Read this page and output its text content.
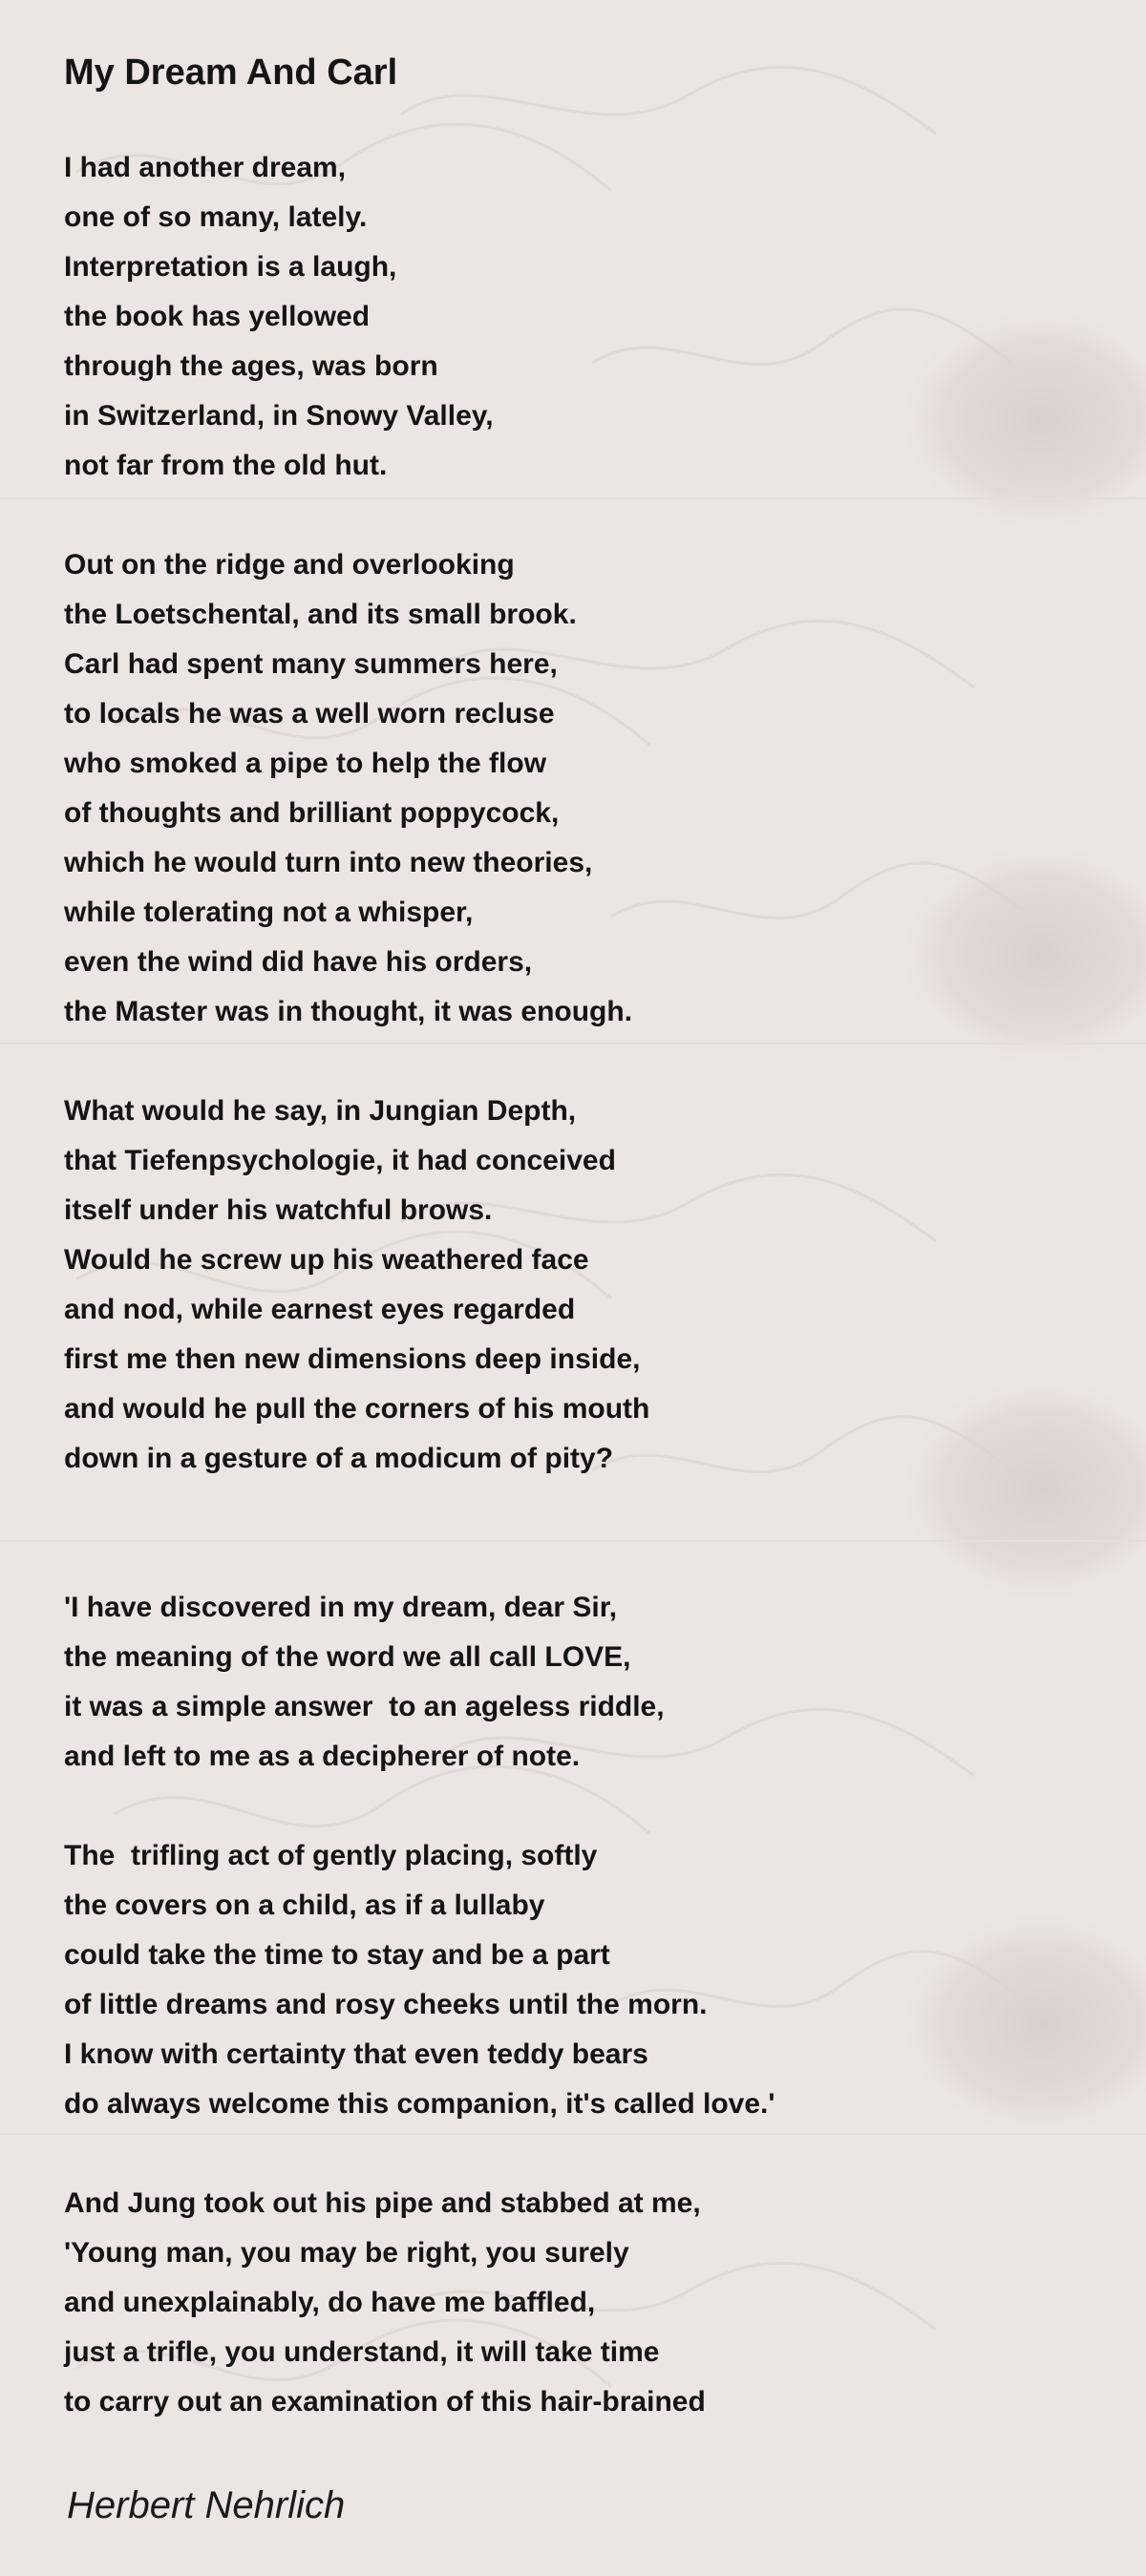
My Dream And Carl
I had another dream,
one of so many, lately.
Interpretation is a laugh,
the book has yellowed
through the ages, was born
in Switzerland, in Snowy Valley,
not far from the old hut.
Out on the ridge and overlooking
the Loetschental, and its small brook.
Carl had spent many summers here,
to locals he was a well worn recluse
who smoked a pipe to help the flow
of thoughts and brilliant poppycock,
which he would turn into new theories,
while tolerating not a whisper,
even the wind did have his orders,
the Master was in thought, it was enough.
What would he say, in Jungian Depth,
that Tiefenpsychologie, it had conceived
itself under his watchful brows.
Would he screw up his weathered face
and nod, while earnest eyes regarded
first me then new dimensions deep inside,
and would he pull the corners of his mouth
down in a gesture of a modicum of pity?
'I have discovered in my dream, dear Sir,
the meaning of the word we all call LOVE,
it was a simple answer  to an ageless riddle,
and left to me as a decipherer of note.
The  trifling act of gently placing, softly
the covers on a child, as if a lullaby
could take the time to stay and be a part
of little dreams and rosy cheeks until the morn.
I know with certainty that even teddy bears
do always welcome this companion, it's called love.'
And Jung took out his pipe and stabbed at me,
'Young man, you may be right, you surely
and unexplainably, do have me baffled,
just a trifle, you understand, it will take time
to carry out an examination of this hair-brained
Herbert Nehrlich
